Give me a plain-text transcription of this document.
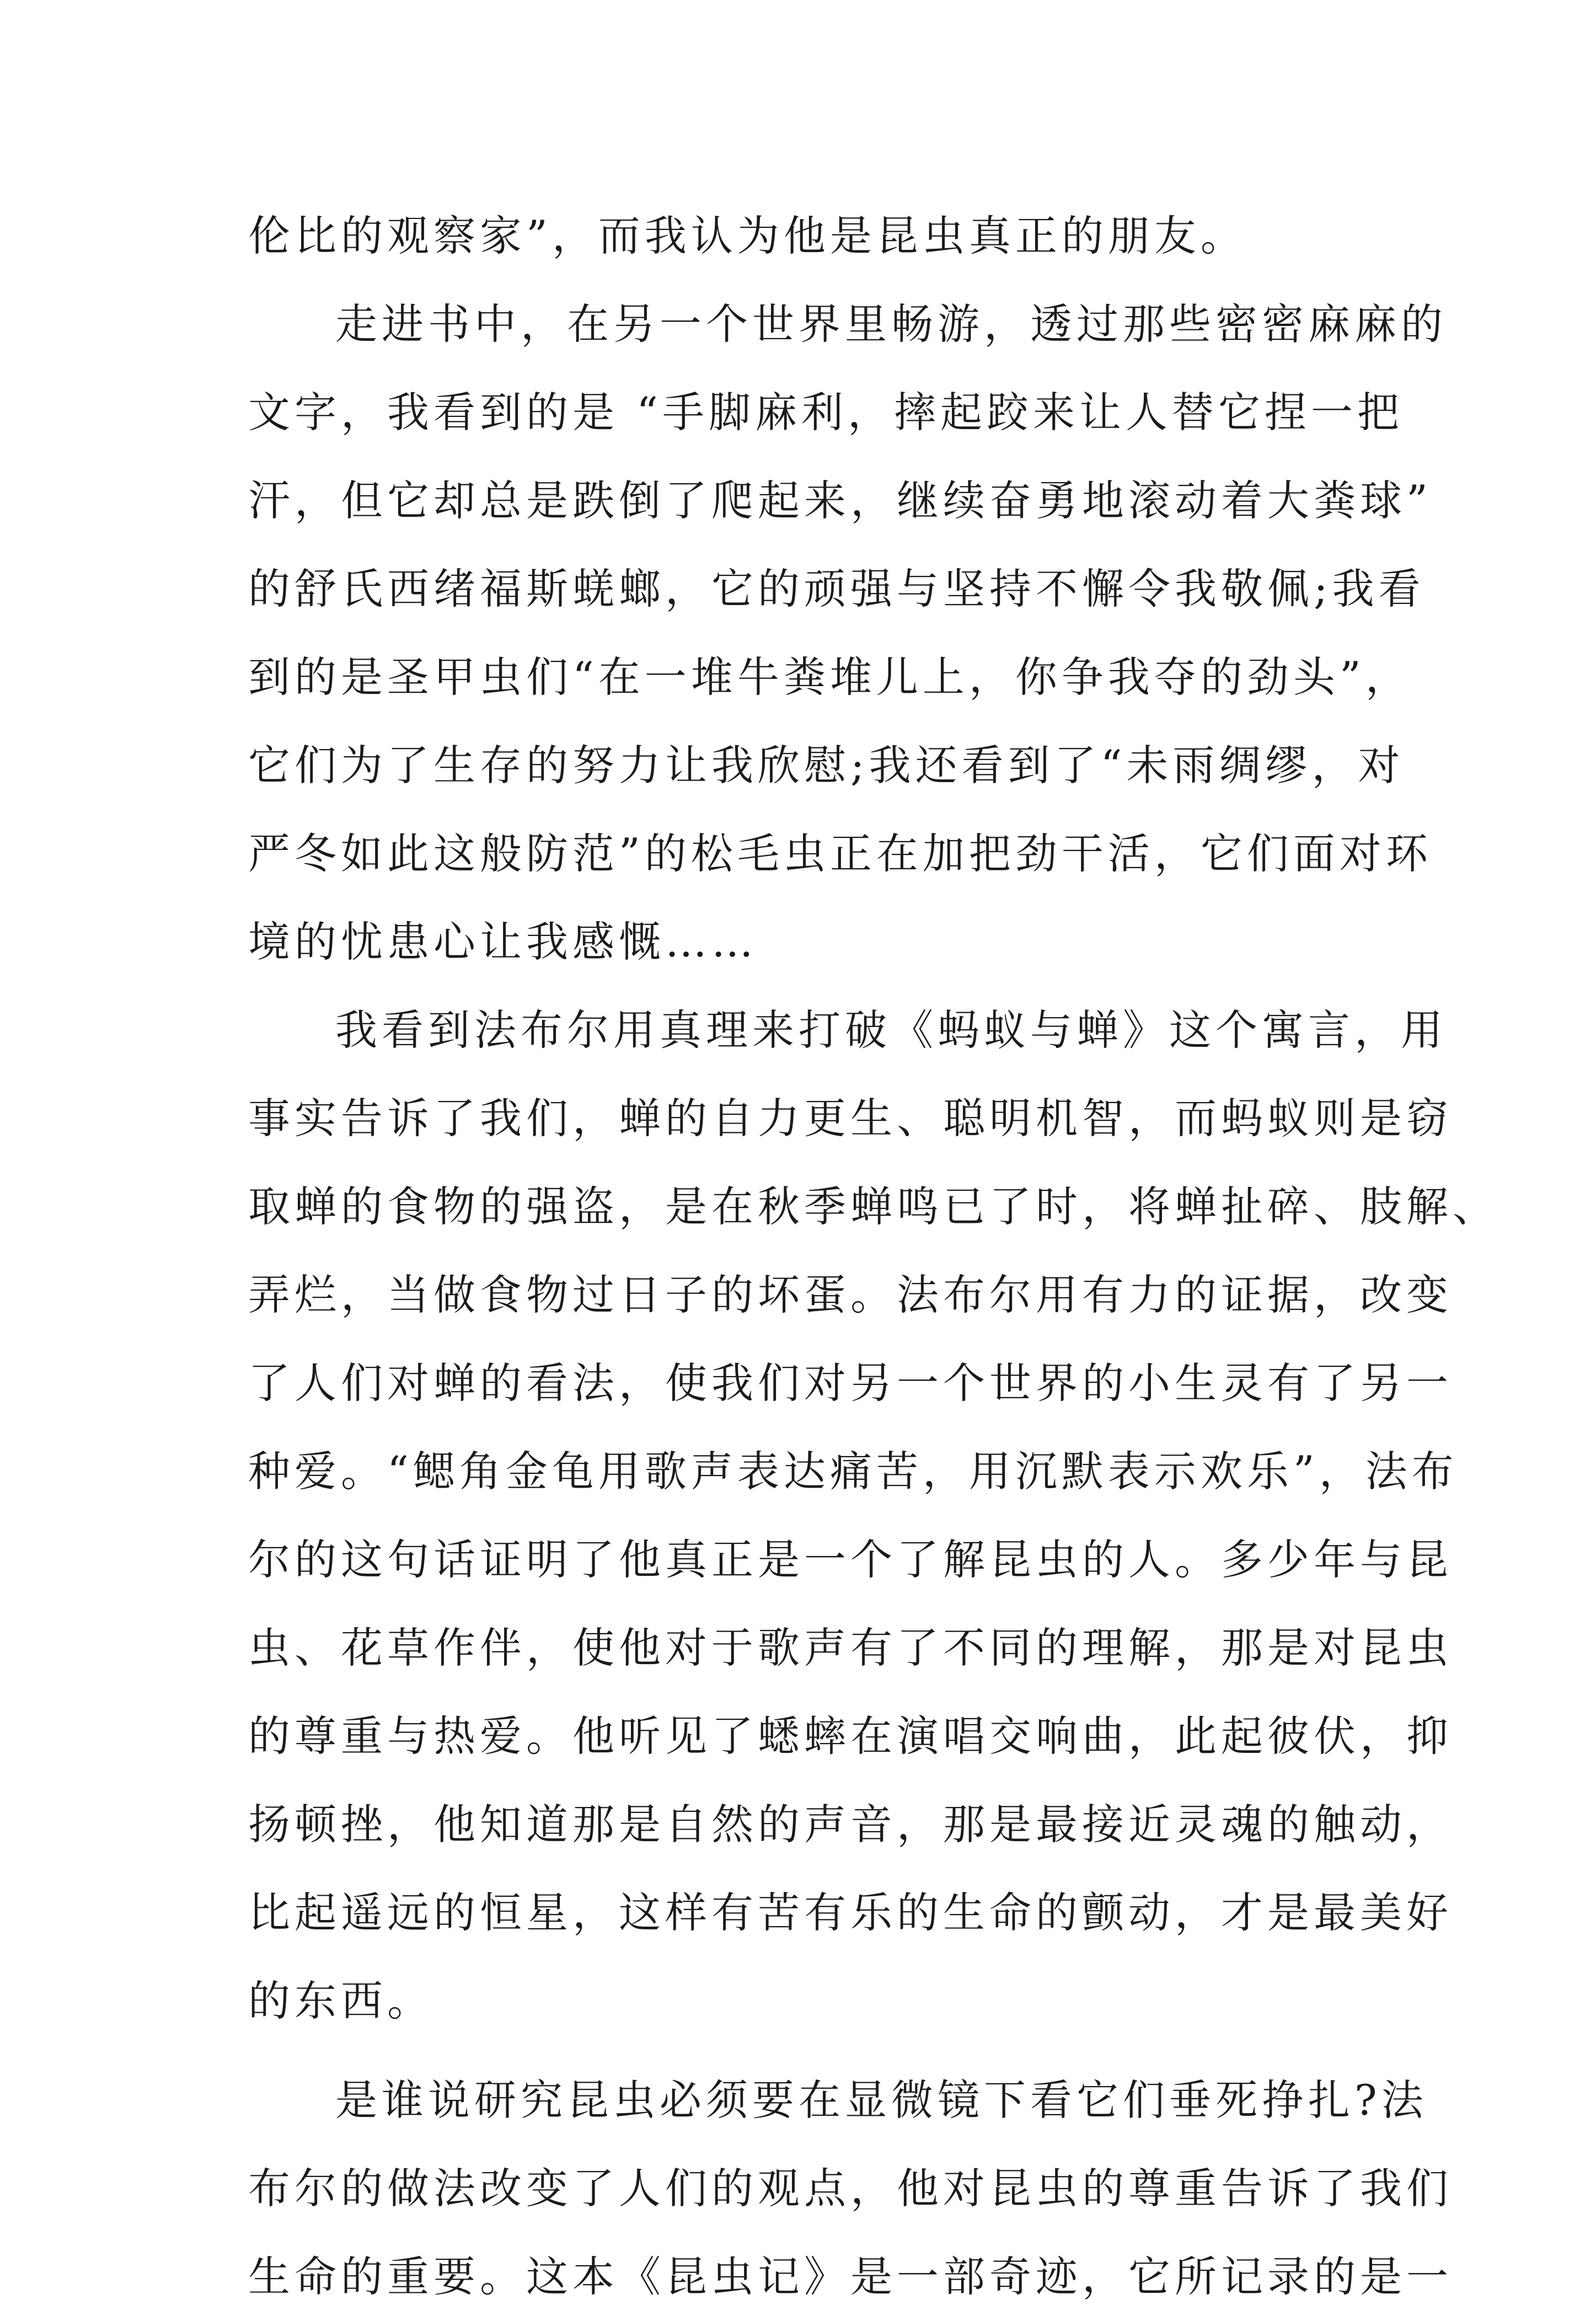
伦比的观察家”，而我认为他是昆虫真正的朋友。
走进书中，在另一个世界里畅游，透过那些密密麻麻的
文字，我看到的是 “手脚麻利，摔起跤来让人替它捏一把
汗，但它却总是跌倒了爬起来，继续奋勇地滚动着大粪球”
的舒氏西绪福斯蜣螂，它的顽强与坚持不懈令我敬佩;我看
到的是圣甲虫们“在一堆牛粪堆儿上，你争我夺的劲头”，
它们为了生存的努力让我欣慰;我还看到了“未雨绸缪，对
严冬如此这般防范”的松毛虫正在加把劲干活，它们面对环
境的忧患心让我感慨……
我看到法布尔用真理来打破《蚂蚁与蝉》这个寓言，用
事实告诉了我们，蝉的自力更生、聪明机智，而蚂蚁则是窃
取蝉的食物的强盗，是在秋季蝉鸣已了时，将蝉扯碎、肢解、
弄烂，当做食物过日子的坏蛋。法布尔用有力的证据，改变
了人们对蝉的看法，使我们对另一个世界的小生灵有了另一
种爱。“鳃角金龟用歌声表达痛苦，用沉默表示欢乐”，法布
尔的这句话证明了他真正是一个了解昆虫的人。多少年与昆
虫、花草作伴，使他对于歌声有了不同的理解，那是对昆虫
的尊重与热爱。他听见了蟋蟀在演唱交响曲，此起彼伏，抑
扬顿挫，他知道那是自然的声音，那是最接近灵魂的触动，
比起遥远的恒星，这样有苦有乐的生命的颤动，才是最美好
的东西。
是谁说研究昆虫必须要在显微镜下看它们垂死挣扎?法
布尔的做法改变了人们的观点，他对昆虫的尊重告诉了我们
生命的重要。这本《昆虫记》是一部奇迹，它所记录的是一
